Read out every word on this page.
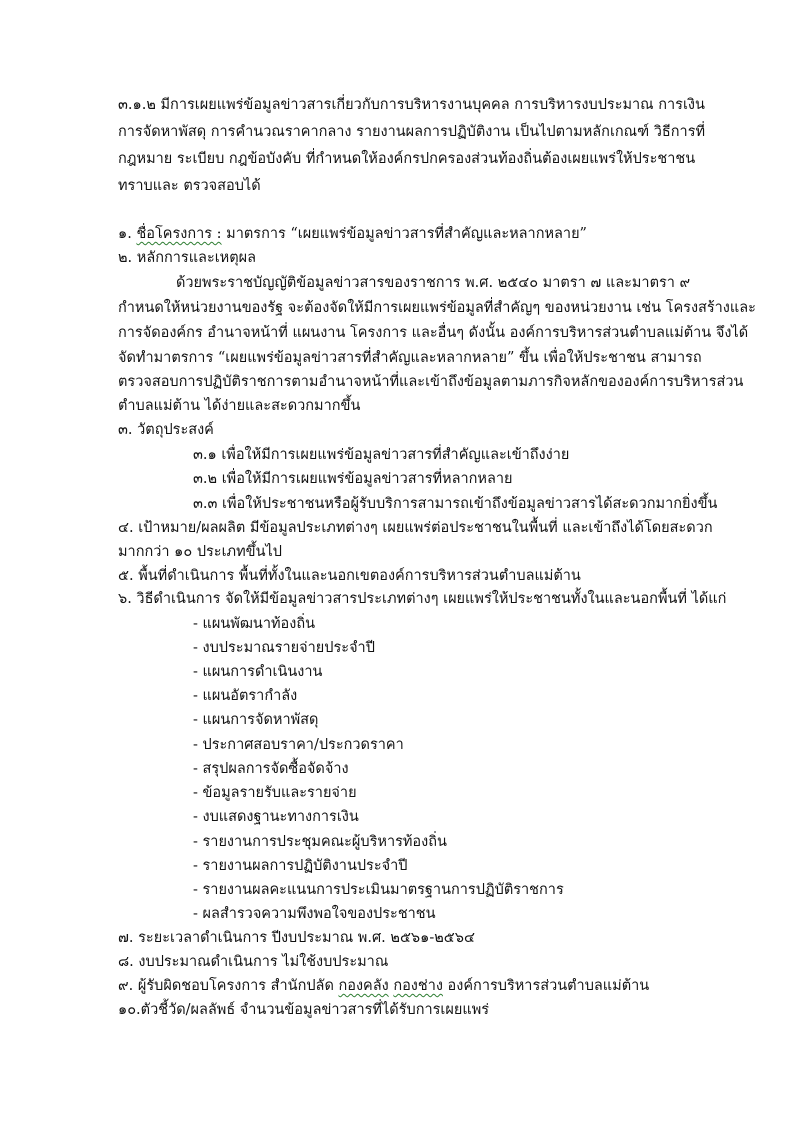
๓.๑.๒ มีการเผยแพร่ข้อมูลข่าวสารเกี่ยวกับการบริหารงานบุคคล การบริหารงบประมาณ การเงิน
การจัดหาพัสดุ การคำนวณราคากลาง รายงานผลการปฏิบัติงาน เป็นไปตามหลักเกณฑ์ วิธีการที่
กฎหมาย ระเบียบ กฎข้อบังคับ ที่กำหนดให้องค์กรปกครองส่วนท้องถิ่นต้องเผยแพร่ให้ประชาชน
ทราบและ ตรวจสอบได้
๑. ชื่อโครงการ : มาตรการ “เผยแพร่ข้อมูลข่าวสารที่สำคัญและหลากหลาย”
๒. หลักการและเหตุผล
ด้วยพระราชบัญญัติข้อมูลข่าวสารของราชการ พ.ศ. ๒๕๔๐ มาตรา ๗ และมาตรา ๙
กำหนดให้หน่วยงานของรัฐ จะต้องจัดให้มีการเผยแพร่ข้อมูลที่สำคัญๆ ของหน่วยงาน เช่น โครงสร้างและ
การจัดองค์กร อำนาจหน้าที่ แผนงาน โครงการ และอื่นๆ ดังนั้น องค์การบริหารส่วนตำบลแม่ต้าน จึงได้
จัดทำมาตรการ “เผยแพร่ข้อมูลข่าวสารที่สำคัญและหลากหลาย” ขึ้น เพื่อให้ประชาชน สามารถ
ตรวจสอบการปฏิบัติราชการตามอำนาจหน้าที่และเข้าถึงข้อมูลตามภารกิจหลักขององค์การบริหารส่วน
ตำบลแม่ต้าน ได้ง่ายและสะดวกมากขึ้น
๓. วัตถุประสงค์
๓.๑ เพื่อให้มีการเผยแพร่ข้อมูลข่าวสารที่สำคัญและเข้าถึงง่าย
๓.๒ เพื่อให้มีการเผยแพร่ข้อมูลข่าวสารที่หลากหลาย
๓.๓ เพื่อให้ประชาชนหรือผู้รับบริการสามารถเข้าถึงข้อมูลข่าวสารได้สะดวกมากยิ่งขึ้น
๔. เป้าหมาย/ผลผลิต มีข้อมูลประเภทต่างๆ เผยแพร่ต่อประชาชนในพื้นที่ และเข้าถึงได้โดยสะดวก
มากกว่า ๑๐ ประเภทขึ้นไป
๕. พื้นที่ดำเนินการ พื้นที่ทั้งในและนอกเขตองค์การบริหารส่วนตำบลแม่ต้าน
๖. วิธีดำเนินการ จัดให้มีข้อมูลข่าวสารประเภทต่างๆ เผยแพร่ให้ประชาชนทั้งในและนอกพื้นที่ ได้แก่
- แผนพัฒนาท้องถิ่น
- งบประมาณรายจ่ายประจำปี
- แผนการดำเนินงาน
- แผนอัตรากำลัง
- แผนการจัดหาพัสดุ
- ประกาศสอบราคา/ประกวดราคา
- สรุปผลการจัดซื้อจัดจ้าง
- ข้อมูลรายรับและรายจ่าย
- งบแสดงฐานะทางการเงิน
- รายงานการประชุมคณะผู้บริหารท้องถิ่น
- รายงานผลการปฏิบัติงานประจำปี
- รายงานผลคะแนนการประเมินมาตรฐานการปฏิบัติราชการ
- ผลสำรวจความพึงพอใจของประชาชน
๗. ระยะเวลาดำเนินการ ปีงบประมาณ พ.ศ. ๒๕๖๑-๒๕๖๔
๘. งบประมาณดำเนินการ ไม่ใช้งบประมาณ
๙. ผู้รับผิดชอบโครงการ สำนักปลัด กองคลัง กองช่าง องค์การบริหารส่วนตำบลแม่ต้าน
๑๐.ตัวชี้วัด/ผลลัพธ์ จำนวนข้อมูลข่าวสารที่ได้รับการเผยแพร่
